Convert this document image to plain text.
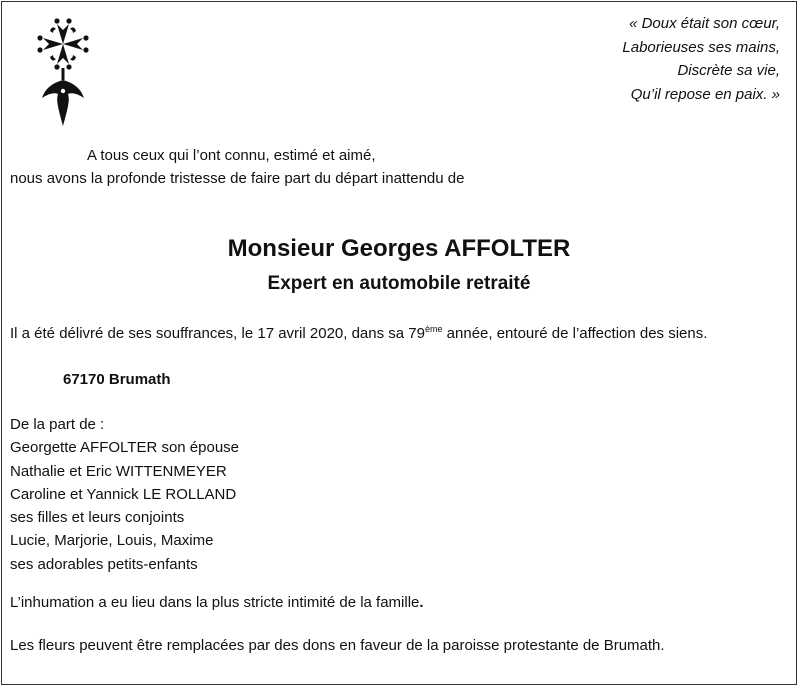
« Doux était son cœur,
Laborieuses ses mains,
Discrète sa vie,
Qu’il repose en paix. »
A tous ceux qui l’ont connu, estimé et aimé,
nous avons la profonde tristesse de faire part du départ inattendu de
Monsieur Georges AFFOLTER
Expert en automobile retraité
Il a été délivré de ses souffrances, le 17 avril 2020, dans sa 79ème année, entouré de l’affection des siens.
67170 Brumath
De la part de :
Georgette AFFOLTER son épouse
Nathalie et Eric WITTENMEYER
Caroline et Yannick LE ROLLAND
ses filles et leurs conjoints
Lucie, Marjorie, Louis, Maxime
ses adorables petits-enfants
L’inhumation a eu lieu dans la plus stricte intimité de la famille.
Les fleurs peuvent être remplacées par des dons en faveur de la paroisse protestante de Brumath.
